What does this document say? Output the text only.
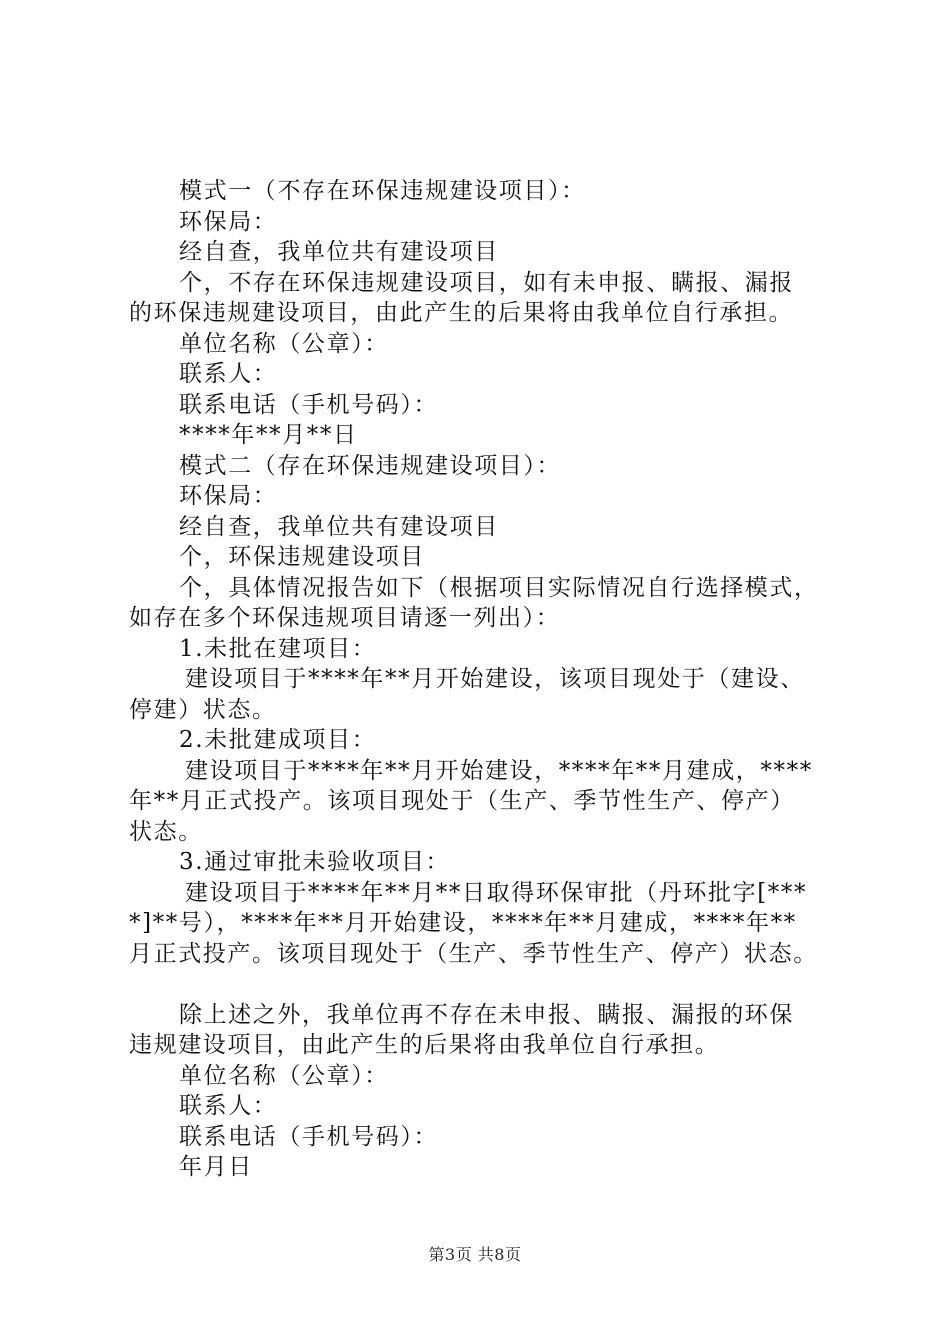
模式一（不存在环保违规建设项目）：
环保局：
经自查，我单位共有建设项目
个，不存在环保违规建设项目，如有未申报、瞒报、漏报
的环保违规建设项目，由此产生的后果将由我单位自行承担。
单位名称（公章）：
联系人：
联系电话（手机号码）：
****年**月**日
模式二（存在环保违规建设项目）：
环保局：
经自查，我单位共有建设项目
个，环保违规建设项目
个，具体情况报告如下（根据项目实际情况自行选择模式，
如存在多个环保违规项目请逐一列出）：
1.未批在建项目：
建设项目于****年**月开始建设，该项目现处于（建设、
停建）状态。
2.未批建成项目：
建设项目于****年**月开始建设，****年**月建成，****
年**月正式投产。该项目现处于（生产、季节性生产、停产）
状态。
3.通过审批未验收项目：
建设项目于****年**月**日取得环保审批（丹环批字[***
*]**号），****年**月开始建设，****年**月建成，****年**
月正式投产。该项目现处于（生产、季节性生产、停产）状态。
除上述之外，我单位再不存在未申报、瞒报、漏报的环保
违规建设项目，由此产生的后果将由我单位自行承担。
单位名称（公章）：
联系人：
联系电话（手机号码）：
年月日
第3页 共8页
